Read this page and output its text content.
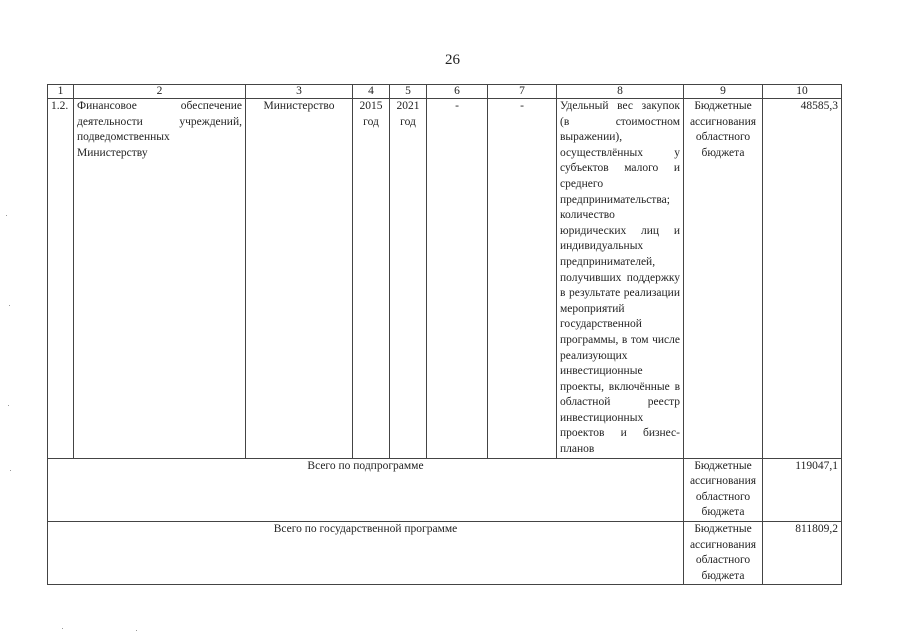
26
1	2	3	4	5	6	7	8	9	10
1.2.	Финансовое обеспечение деятельности учреждений, подведомственных Министерству	Министерство	2015 год	2021 год	-	-	Удельный вес закупок (в стоимостном выражении), осуществлённых у субъектов малого и среднего предпринимательства; количество юридических лиц и индивидуальных предпринимателей, получивших поддержку в результате реализации мероприятий государственной программы, в том числе реализующих инвестиционные проекты, включённые в областной реестр инвестиционных проектов и бизнес-планов	Бюджетные ассигнования областного бюджета	48585,3
Всего по подпрограмме								Бюджетные ассигнования областного бюджета	119047,1
Всего по государственной программе								Бюджетные ассигнования областного бюджета	811809,2
